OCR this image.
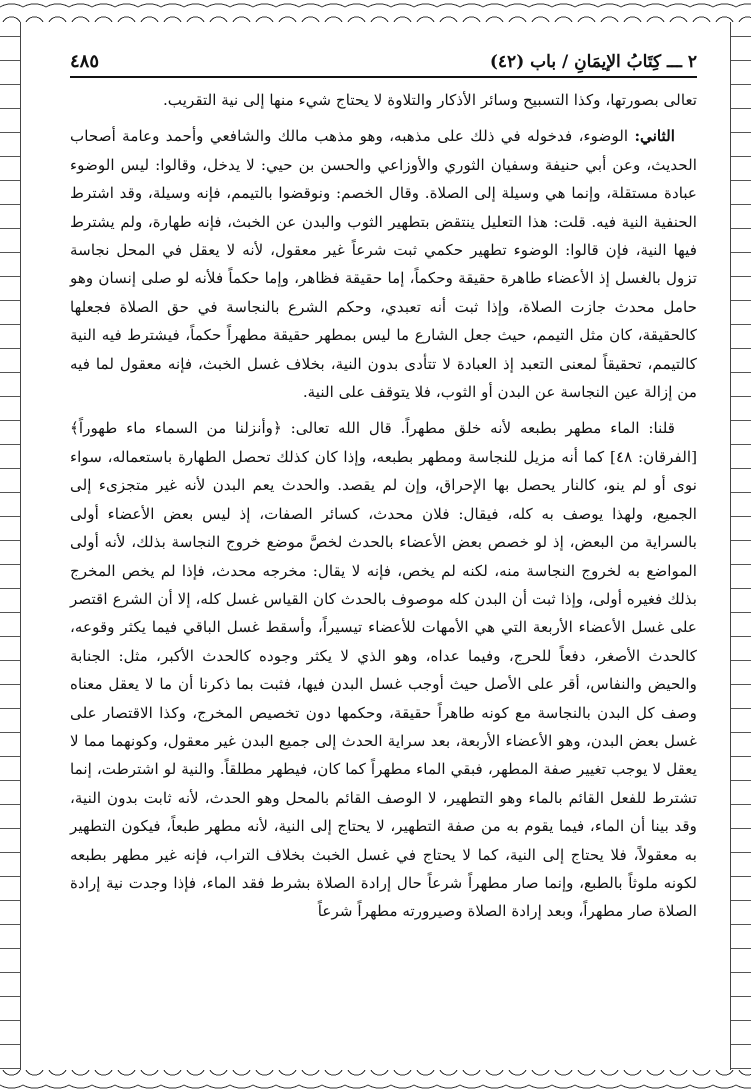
٢ ـــ كِتَابُ الإيمَانِ / باب (٤٢)
٤٨٥

تعالى بصورتها، وكذا التسبيح وسائر الأذكار والتلاوة لا يحتاج شيء منها إلى نية التقريب.

الثاني: الوضوء، فدخوله في ذلك على مذهبه، وهو مذهب مالك والشافعي وأحمد وعامة أصحاب الحديث، وعن أبي حنيفة وسفيان الثوري والأوزاعي والحسن بن حيي: لا يدخل، وقالوا: ليس الوضوء عبادة مستقلة، وإنما هي وسيلة إلى الصلاة. وقال الخصم: ونوقضوا بالتيمم، فإنه وسيلة، وقد اشترط الحنفية النية فيه. قلت: هذا التعليل ينتقض بتطهير الثوب والبدن عن الخبث، فإنه طهارة، ولم يشترط فيها النية، فإن قالوا: الوضوء تطهير حكمي ثبت شرعاً غير معقول، لأنه لا يعقل في المحل نجاسة تزول بالغسل إذ الأعضاء طاهرة حقيقة وحكماً، إما حقيقة فظاهر، وإما حكماً فلأنه لو صلى إنسان وهو حامل محدث جازت الصلاة، وإذا ثبت أنه تعبدي، وحكم الشرع بالنجاسة في حق الصلاة فجعلها كالحقيقة، كان مثل التيمم، حيث جعل الشارع ما ليس بمطهر حقيقة مطهراً حكماً، فيشترط فيه النية كالتيمم، تحقيقاً لمعنى التعبد إذ العبادة لا تتأدى بدون النية، بخلاف غسل الخبث، فإنه معقول لما فيه من إزالة عين النجاسة عن البدن أو الثوب، فلا يتوقف على النية.

قلنا: الماء مطهر بطبعه لأنه خلق مطهراً. قال الله تعالى: ﴿وأنزلنا من السماء ماء طهوراً﴾ [الفرقان: ٤٨] كما أنه مزيل للنجاسة ومطهر بطبعه، وإذا كان كذلك تحصل الطهارة باستعماله، سواء نوى أو لم ينو، كالنار يحصل بها الإحراق، وإن لم يقصد. والحدث يعم البدن لأنه غير متجزىء إلى الجميع، ولهذا يوصف به كله، فيقال: فلان محدث، كسائر الصفات، إذ ليس بعض الأعضاء أولى بالسراية من البعض، إذ لو خصص بعض الأعضاء بالحدث لخصَّ موضع خروج النجاسة بذلك، لأنه أولى المواضع به لخروج النجاسة منه، لكنه لم يخص، فإنه لا يقال: مخرجه محدث، فإذا لم يخص المخرج بذلك فغيره أولى، وإذا ثبت أن البدن كله موصوف بالحدث كان القياس غسل كله، إلا أن الشرع اقتصر على غسل الأعضاء الأربعة التي هي الأمهات للأعضاء تيسيراً، وأسقط غسل الباقي فيما يكثر وقوعه، كالحدث الأصغر، دفعاً للحرج، وفيما عداه، وهو الذي لا يكثر وجوده كالحدث الأكبر، مثل: الجنابة والحيض والنفاس، أقر على الأصل حيث أوجب غسل البدن فيها، فثبت بما ذكرنا أن ما لا يعقل معناه وصف كل البدن بالنجاسة مع كونه طاهراً حقيقة، وحكمها دون تخصيص المخرج، وكذا الاقتصار على غسل بعض البدن، وهو الأعضاء الأربعة، بعد سراية الحدث إلى جميع البدن غير معقول، وكونهما مما لا يعقل لا يوجب تغيير صفة المطهر، فبقي الماء مطهراً كما كان، فيطهر مطلقاً. والنية لو اشترطت، إنما تشترط للفعل القائم بالماء وهو التطهير، لا الوصف القائم بالمحل وهو الحدث، لأنه ثابت بدون النية، وقد بينا أن الماء، فيما يقوم به من صفة التطهير، لا يحتاج إلى النية، لأنه مطهر طبعاً، فيكون التطهير به معقولاً، فلا يحتاج إلى النية، كما لا يحتاج في غسل الخبث بخلاف التراب، فإنه غير مطهر بطبعه لكونه ملوثاً بالطبع، وإنما صار مطهراً شرعاً حال إرادة الصلاة بشرط فقد الماء، فإذا وجدت نية إرادة الصلاة صار مطهراً، وبعد إرادة الصلاة وصيرورته مطهراً شرعاً
